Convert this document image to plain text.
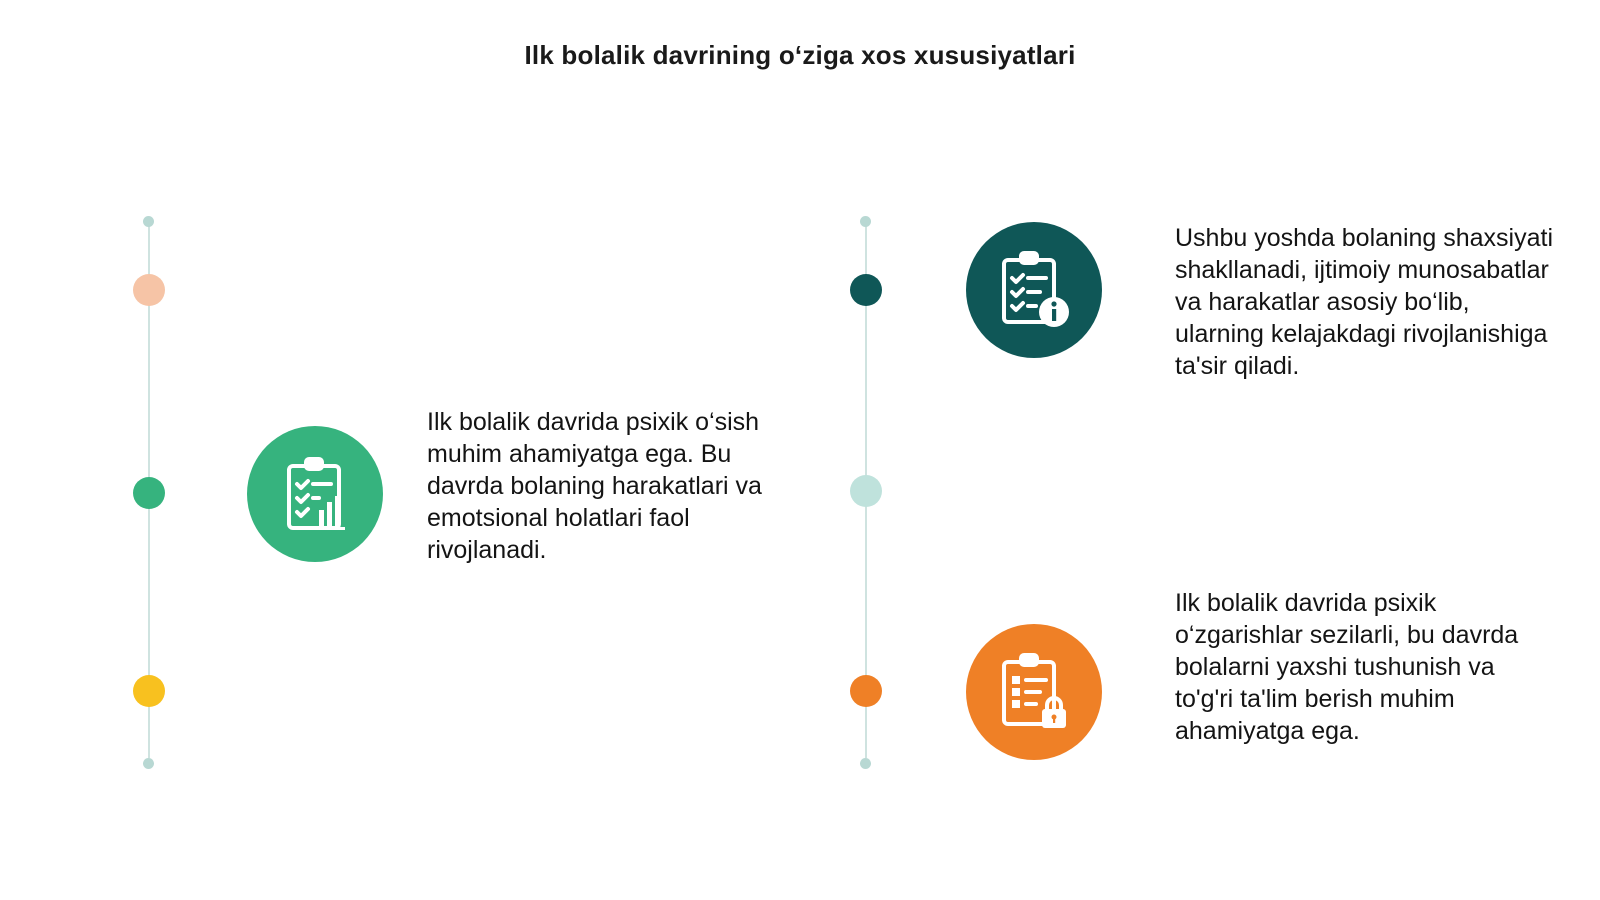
Ilk bolalik davrining o‘ziga xos xususiyatlari
Ilk bolalik davrida psixik o‘sish muhim ahamiyatga ega. Bu davrda bolaning harakatlari va emotsional holatlari faol rivojlanadi.
Ushbu yoshda bolaning shaxsiyati shakllanadi, ijtimoiy munosabatlar va harakatlar asosiy bo‘lib, ularning kelajakdagi rivojlanishiga ta'sir qiladi.
Ilk bolalik davrida psixik o‘zgarishlar sezilarli, bu davrda bolalarni yaxshi tushunish va to'g'ri ta'lim berish muhim ahamiyatga ega.
